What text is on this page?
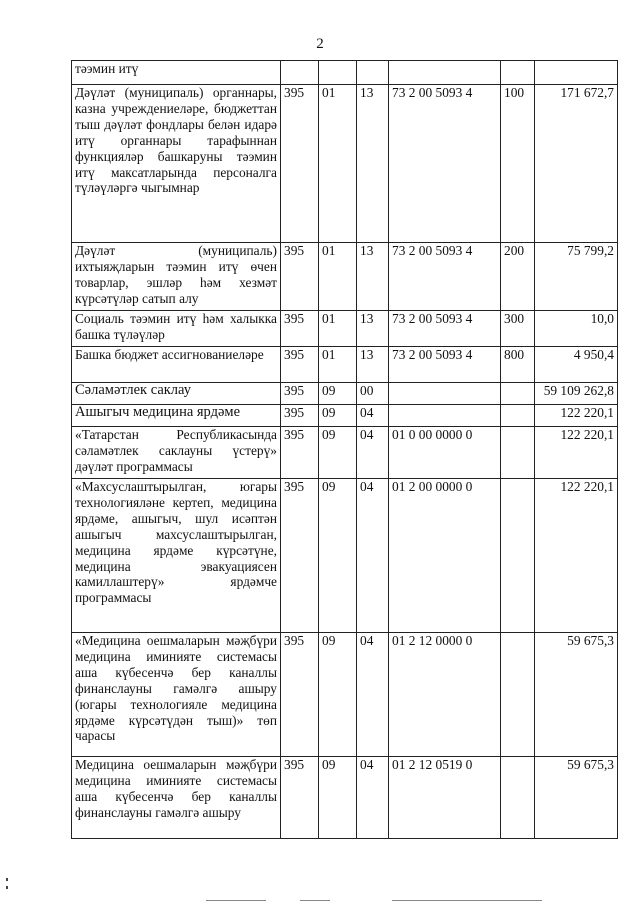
2
тәэмин итү						
Дәүләт (муниципаль) органнары, казна учреждениеләре, бюджеттан тыш дәүләт фондлары белән идарә итү органнары тарафыннан функцияләр башкаруны тәэмин итү максатларында персоналга түләүләргә чыгымнар	395	01	13	73 2 00 5093 4	100	171 672,7
Дәүләт (муниципаль) ихтыяҗларын тәэмин итү өчен товарлар, эшләр һәм хезмәт күрсәтүләр сатып алу	395	01	13	73 2 00 5093 4	200	75 799,2
Социаль тәэмин итү һәм халыкка башка түләүләр	395	01	13	73 2 00 5093 4	300	10,0
Башка бюджет ассигнованиеләре	395	01	13	73 2 00 5093 4	800	4 950,4
Сәламәтлек саклау	395	09	00			59 109 262,8
Ашыгыч медицина ярдәме	395	09	04			122 220,1
«Татарстан Республикасында сәламәтлек саклауны үстерү» дәүләт программасы	395	09	04	01 0 00 0000 0		122 220,1
«Махсуслаштырылган, югары технологияләне кертеп, медицина ярдәме, ашыгыч, шул исәптән ашыгыч махсуслаштырылган, медицина ярдәме күрсәтүне, медицина эвакуациясен камиллаштерү» ярдәмче программасы	395	09	04	01 2 00 0000 0		122 220,1
«Медицина оешмаларын мәҗбүри медицина иминияте системасы аша күбесенчә бер каналлы финанслауны гамәлгә ашыру (югары технологияле медицина ярдәме күрсәтүдән тыш)» төп чарасы	395	09	04	01 2 12 0000 0		59 675,3
Медицина оешмаларын мәҗбүри медицина иминияте системасы аша күбесенчә бер каналлы финанслауны гамәлгә ашыру	395	09	04	01 2 12 0519 0		59 675,3
